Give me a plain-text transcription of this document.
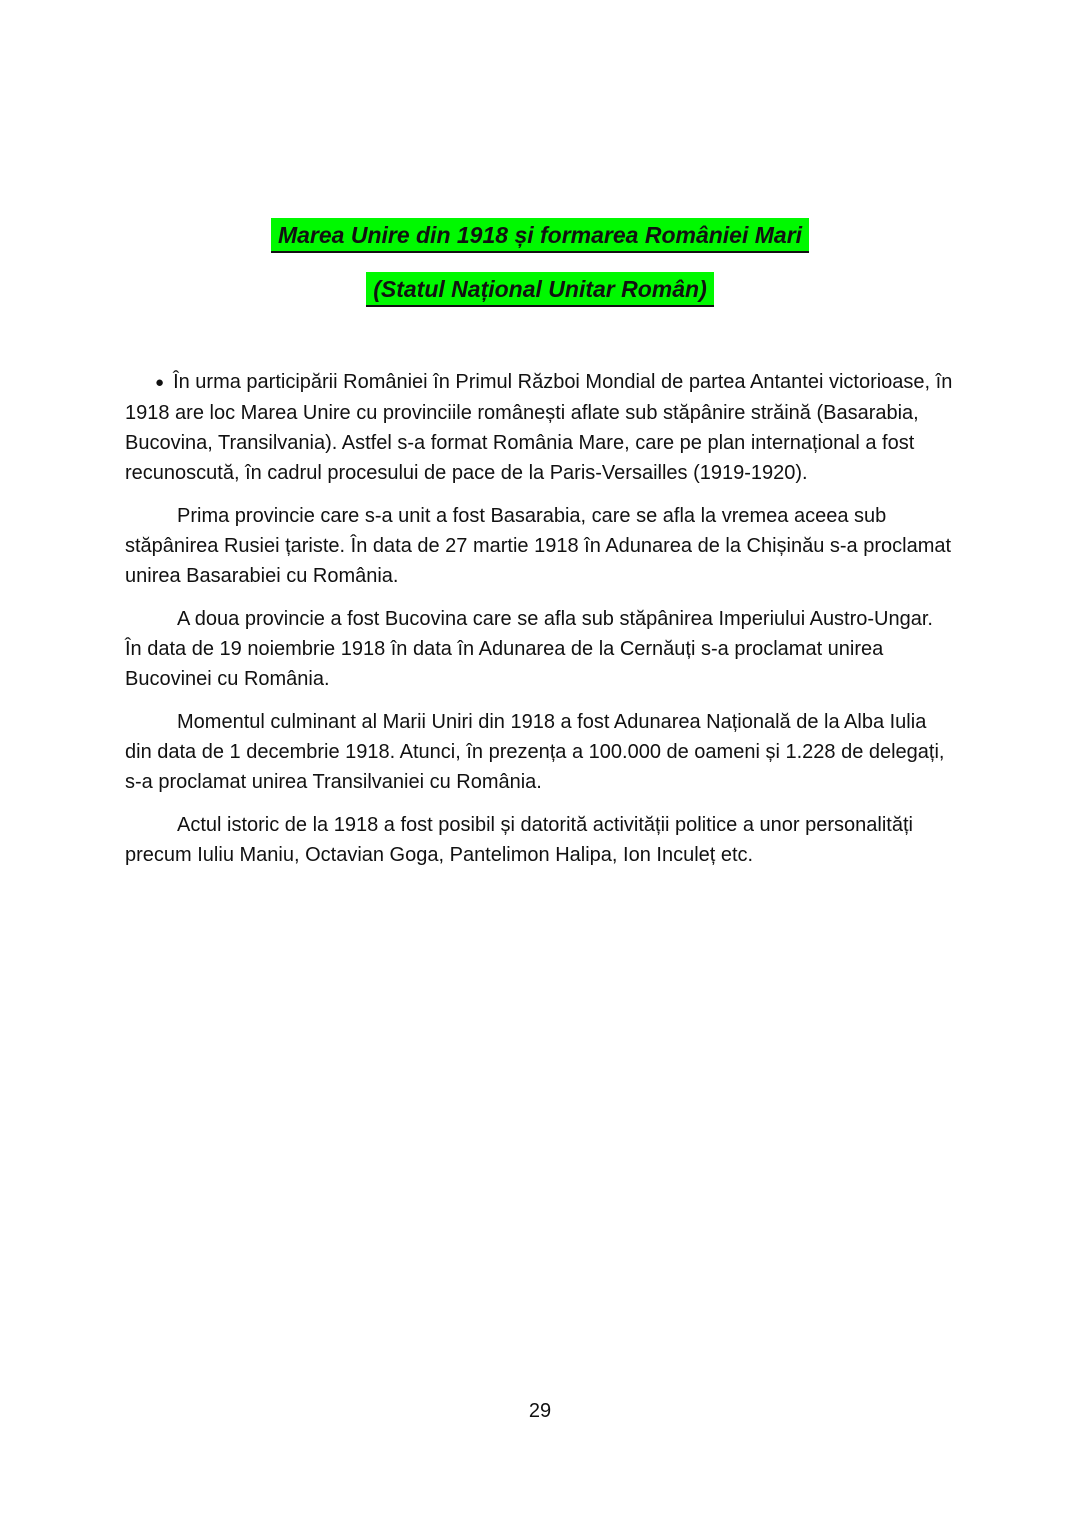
Marea Unire din 1918 și formarea României Mari
(Statul Național Unitar Român)

● În urma participării României în Primul Război Mondial de partea Antantei victorioase, în 1918 are loc Marea Unire cu provinciile românești aflate sub stăpânire străină (Basarabia, Bucovina, Transilvania). Astfel s-a format România Mare, care pe plan internațional a fost recunoscută, în cadrul procesului de pace de la Paris-Versailles (1919-1920).

Prima provincie care s-a unit a fost Basarabia, care se afla la vremea aceea sub stăpânirea Rusiei țariste. În data de 27 martie 1918 în Adunarea de la Chișinău s-a proclamat unirea Basarabiei cu România.

A doua provincie a fost Bucovina care se afla sub stăpânirea Imperiului Austro-Ungar. În data de 19 noiembrie 1918 în data în Adunarea de la Cernăuți s-a proclamat unirea Bucovinei cu România.

Momentul culminant al Marii Uniri din 1918 a fost Adunarea Națională de la Alba Iulia din data de 1 decembrie 1918. Atunci, în prezența a 100.000 de oameni și 1.228 de delegați, s-a proclamat unirea Transilvaniei cu România.

Actul istoric de la 1918 a fost posibil și datorită activității politice a unor personalități precum Iuliu Maniu, Octavian Goga, Pantelimon Halipa, Ion Inculeț etc.

29
